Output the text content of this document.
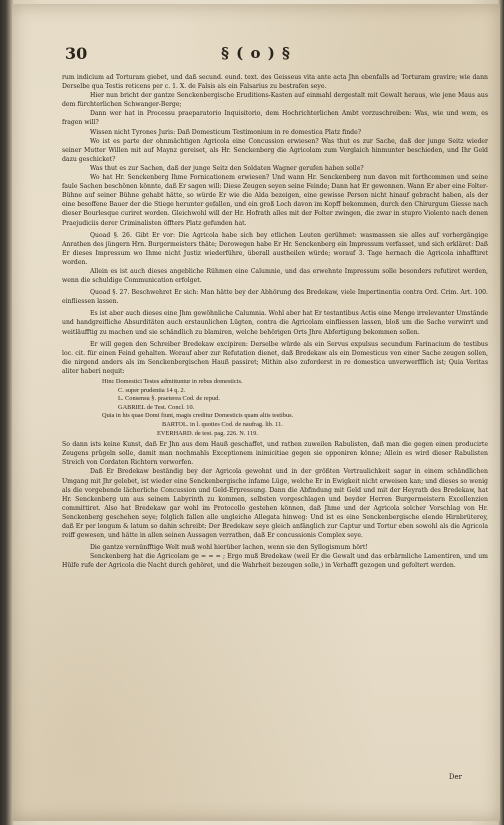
30	§ ( o ) §

rum indicium ad Torturam giebet, und daß secund. eund. text. des Geisseus vita ante acta Jhn ebenfalls ad Torturam gravire; wie dann Derselbe qua Testis reticens per c. 1. X. de Falsis als ein Falsarius zu bestrafen seye.

Hier nun bricht der gantze Senckenbergische Eruditions-Kasten auf einmahl dergestalt mit Gewalt heraus, wie jene Maus aus dem fürchterlichen Schwanger-Berge;

Dann wer hat in Processu praeparatorio Inquisitorio, dem Hochrichterlichen Ambt vorzuschreiben: Was, wie und wem, es fragen will?

Wissen nicht Tyrones Juris: Daß Domesticum Testimonium in re domestica Platz finde?

Wo ist es parte der ohnmächtigen Agricola eine Concussion erwiesen? Was thut es zur Sache, daß der junge Seitz wieder seiner Mutter Willen mit auf Maynz gereiset, als Hr. Senckenberg die Agricolam zum Verglaich hinmunter beschieden, und Ihr Geld dazu geschicket?

Was thut es zur Sachen, daß der junge Seitz den Soldaten Wagner gerufen haben solle?

Wo hat Hr. Senckenberg Ihme Fornicationem erwiesen? Und wann Hr. Senckenberg nun davon mit forthcommen und seine faule Sachen beschönen könnte, daß Er sagen will: Diese Zeugen seyen seine Feinde; Dann hat Er gewonnen. Wann Er aber eine Folter-Bühne auf seiner Bühne gehabt hätte, so würde Er wie die Alda bezeigen, eine gewisse Person nicht hinauf gebracht haben, als der eine besoffene Bauer der die Stiege herunter gefallen, und ein groß Loch davon im Kopff bekommen, durch den Chirurgum Giesse nach dieser Bourlesque curiret worden. Gleichwohl will der Hr. Hofrath alles mit der Folter zwingen, die zwar in stupro Violento nach denen Praejudiciis derer Criminalisten öffters Platz gefunden hat.

Quoad §. 26. Gibt Er vor: Die Agricola habe sich bey etlichen Leuten gerühmet: wasmassen sie alles auf vorhergängige Anrathen des jüngern Hrn. Burgermeisters thäte; Derowegen habe Er Hr. Senckenberg ein Impressum verfasset, und sich erkläret: Daß Er dieses Impressum wo Ihme nicht Justiz wiederführe, überall austheilen würde; worauf 3. Tage hernach die Agricola inhafftiret worden.

Allein es ist auch dieses angebliche Rühmen eine Calumnie, und das erwehnte Impressum solle besonders refutiret werden, wenn die schuldige Communication erfolget.

Quoad §. 27. Beschwehret Er sich: Man hätte bey der Abhörung des Bredekaw, viele Impertinentia contra Ord. Crim. Art. 100. einfliessen lassen.

Es ist aber auch dieses eine Jhm gewöhnliche Calumnia. Wohl aber hat Er testantibus Actis eine Menge irrelevanter Umstände und handgreifliche Absurditäten auch erstaunlichen Lügten, contra die Agricolam einfliessen lassen, bloß um die Sache verwirrt und weitläufftig zu machen und sie schändlich zu blamiren, welche behörigen Orts Jhre Abfertigung bekommen sollen.

Er will gegen den Schreiber Bredekaw excipiren: Derselbe würde als ein Servus expulsus secundum Farinacium de testibus loc. cit. für einen Feind gehalten. Worauf aber zur Refutation dienet, daß Bredekaw als ein Domesticus von einer Sache zeugen sollen, die nirgend anders als im Senckenbergischen Hauß passiret; Mithin also zuforderst in re domestica unverwerfflich ist; Quia Veritas aliter haberi nequit:

Hinc Domestici Testes admittuntur in rebus domesticis.
C. super prudentia 14 q. 2.
L. Consensu §. praeterea Cod. de repud.
GABRIEL de Test. Concl. 10.
Quia in his quae Domi fiunt, magis creditur Domesticis quam aliis testibus.
BARTOL. in l. quoties Cod. de naufrag. lib. 11.
EVERHARD. de test. pag. 226. N. 119.

So dann ists keine Kunst, daß Er Jhn aus dem Hauß geschaffet, und rathen zuweilen Rabulisten, daß man die gegen einen producirte Zeugens prügeln solle, damit man nochmahls Exceptionem inimicitiae gegen sie opponiren könne; Allein es wird dieser Rabulisten Streich von Cordaten Richtern verworfen.

Daß Er Bredekaw beständig bey der Agricola gewohnt und in der größten Vertraulichkeit sagar in einem schändlichen Umgang mit Jhr gelebet, ist wieder eine Senckenbergische infame Lüge, welche Er in Ewigkeit nicht erweisen kan; und dieses so wenig als die vorgebende lächerliche Concussion und Geld-Erpressung. Dann die Abfindung mit Geld und mit der Heyrath des Bredekaw, hat Hr. Senckenberg um aus seinem Labyrinth zu kommen, selbsten vorgeschlagen und beyder Herren Burgermeistern Excellenzien committiret. Also hat Bredekaw gar wohl im Protocollo gestehen können, daß Jhme und der Agricola solcher Vorschlag von Hr. Senckenberg geschehen seye; folglich fallen alle ungleiche Allegata hinweg: Und ist es eine Senckenbergische elende Hirnbrüterey, daß Er per longum & latum so dahin schreibt: Der Bredekaw seye gleich anfänglich zur Captur und Tortur eben sowohl als die Agricola reiff gewesen, und hätte in allen seinen Aussagen verrathen, daß Er concussionis Complex seye.

Die gantze vernünfftige Welt muß wohl hierüber lachen, wenn sie den Syllogismum hört!

Senckenberg hat die Agricolam ge = = = ; Ergo muß Bredekaw (weil Er die Gewalt und das erbärmliche Lamentiren, und um Hülfe rufe der Agricola die Nacht durch gehöret, und die Wahrheit bezeugen solle,) in Verhafft gezogen und gefoltert werden.

Der
